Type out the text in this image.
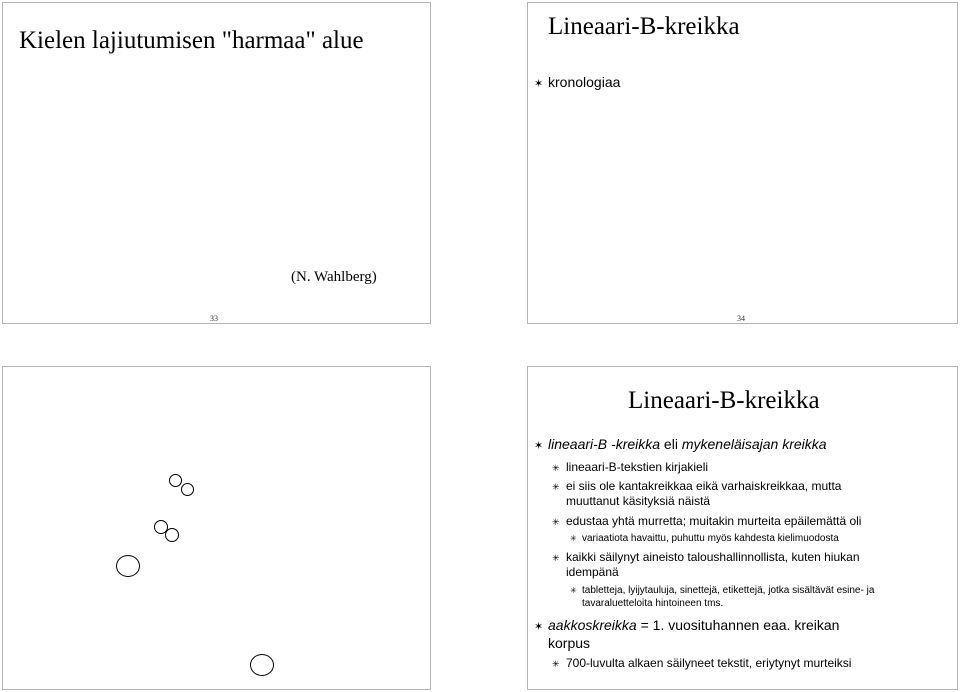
Kielen lajiutumisen "harmaa" alue
(N. Wahlberg)
33
Lineaari-B-kreikka
✶ kronologiaa
34
Lineaari-B-kreikka
✶ lineaari-B -kreikka eli mykeneläisajan kreikka
✳ lineaari-B-tekstien kirjakieli
✳ ei siis ole kantakreikkaa eikä varhaiskreikkaa, mutta
muuttanut käsityksiä näistä
✳ edustaa yhtä murretta; muitakin murteita epäilemättä oli
✳ variaatiota havaittu, puhuttu myös kahdesta kielimuodosta
✳ kaikki säilynyt aineisto taloushallinnollista, kuten hiukan
idempänä
✳ tabletteja, lyijytauluja, sinettejä, etikettejä, jotka sisältävät esine- ja
tavaraluetteloita hintoineen tms.
✶ aakkoskreikka = 1. vuosituhannen eaa. kreikan
korpus
✳ 700-luvulta alkaen säilyneet tekstit, eriytynyt murteiksi
